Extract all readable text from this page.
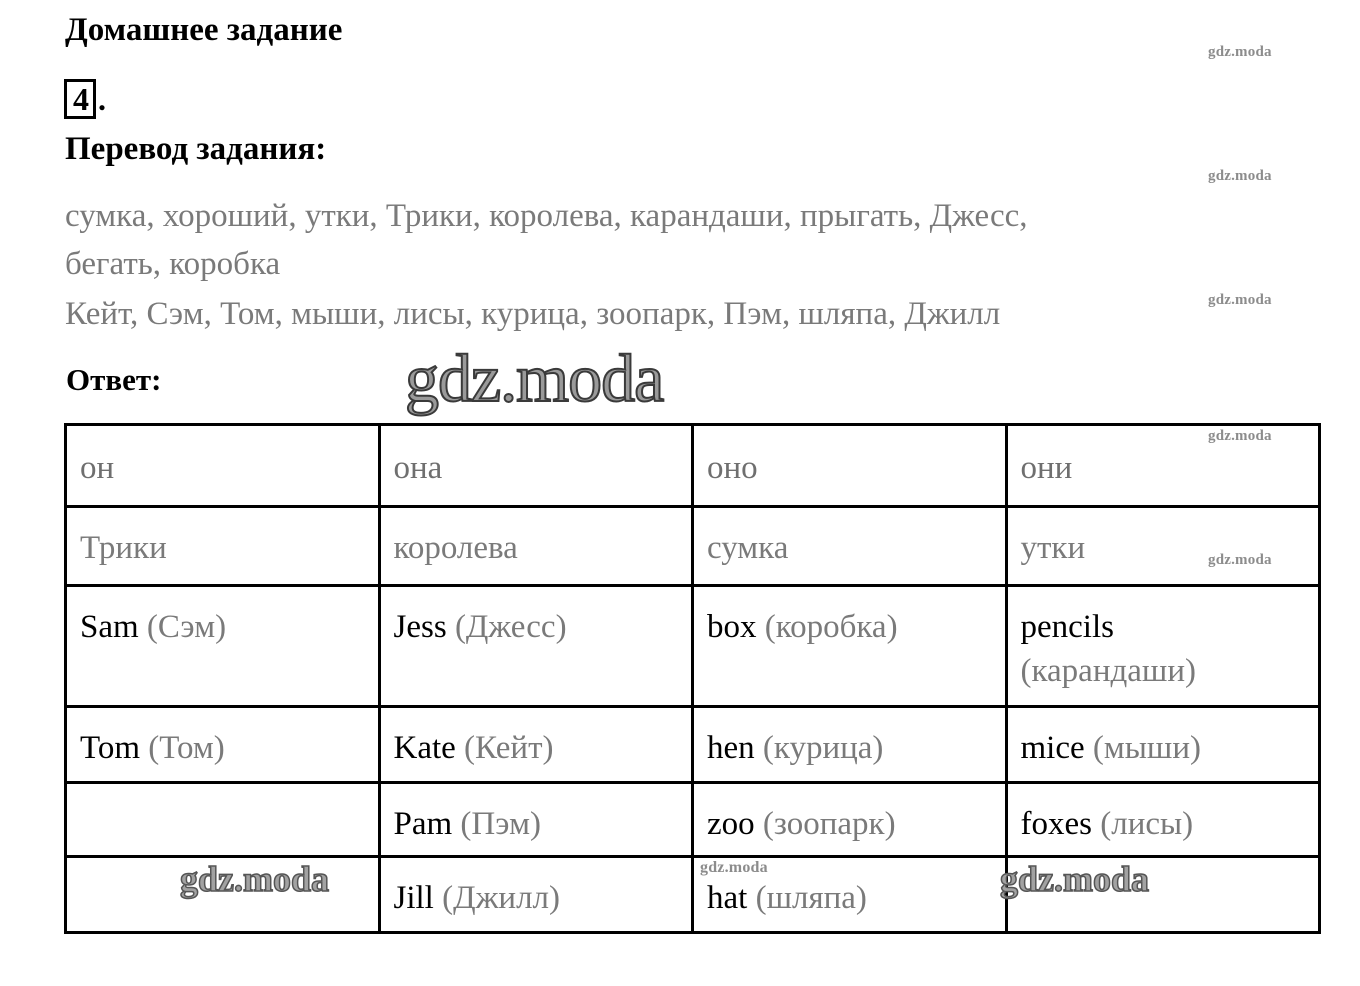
Домашнее задание
gdz.moda
4 .
Перевод задания:
gdz.moda
сумка, хороший, утки, Трики, королева, карандаши, прыгать, Джесс,
бегать, коробка
Кейт, Сэм, Том, мыши, лисы, курица, зоопарк, Пэм, шляпа, Джилл	gdz.moda
Ответ:
он	она	оно	они
Трики	королева	сумка	утки
Sam (Сэм)	Jess (Джесс)	box (коробка)	pencils
(карандаши)
Tom (Том)	Kate (Кейт)	hen (курица)	mice (мыши)
	Pam (Пэм)	zoo (зоопарк)	foxes (лисы)
	Jill (Джилл)	hat (шляпа)	
gdz.moda
gdz.moda
gdz.moda
gdz.moda	gdz.moda	gdz.moda
